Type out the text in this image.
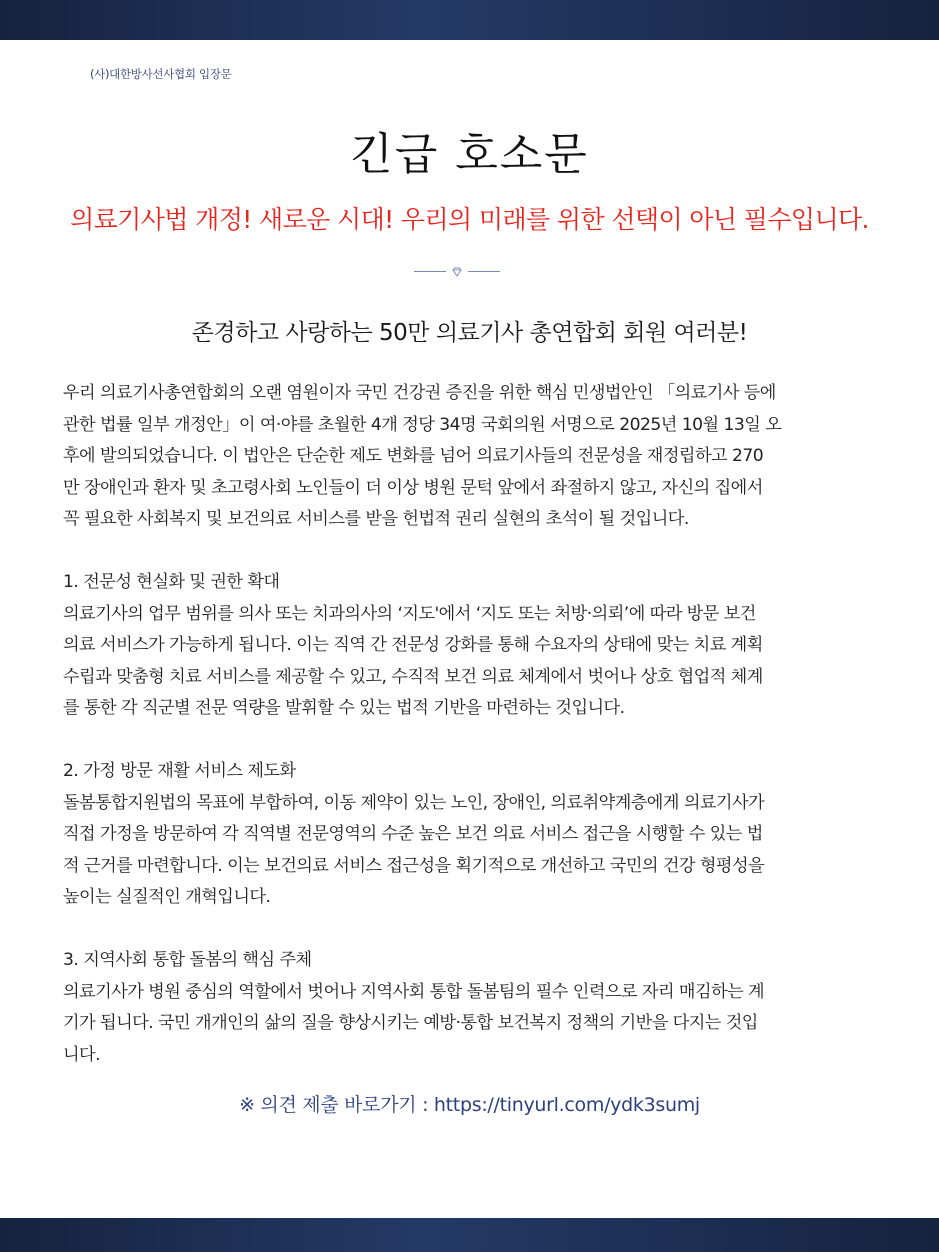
(사)대한방사선사협회 입장문
긴급 호소문
의료기사법 개정! 새로운 시대! 우리의 미래를 위한 선택이 아닌 필수입니다.
존경하고 사랑하는 50만 의료기사 총연합회 회원 여러분!

우리 의료기사총연합회의 오랜 염원이자 국민 건강권 증진을 위한 핵심 민생법안인 「의료기사 등에

관한 법률 일부 개정안」이 여·야를 초월한 4개 정당 34명 국회의원 서명으로 2025년 10월 13일 오

후에 발의되었습니다. 이 법안은 단순한 제도 변화를 넘어 의료기사들의 전문성을 재정립하고 270

만 장애인과 환자 및 초고령사회 노인들이 더 이상 병원 문턱 앞에서 좌절하지 않고, 자신의 집에서

꼭 필요한 사회복지 및 보건의료 서비스를 받을 헌법적 권리 실현의 초석이 될 것입니다.

1. 전문성 현실화 및 권한 확대

의료기사의 업무 범위를 의사 또는 치과의사의 ‘지도'에서 ‘지도 또는 처방·의뢰’에 따라 방문 보건

의료 서비스가 가능하게 됩니다. 이는 직역 간 전문성 강화를 통해 수요자의 상태에 맞는 치료 계획

수립과 맞춤형 치료 서비스를 제공할 수 있고, 수직적 보건 의료 체계에서 벗어나 상호 협업적 체계

를 통한 각 직군별 전문 역량을 발휘할 수 있는 법적 기반을 마련하는 것입니다.

2. 가정 방문 재활 서비스 제도화

돌봄통합지원법의 목표에 부합하여, 이동 제약이 있는 노인, 장애인, 의료취약계층에게 의료기사가

직접 가정을 방문하여 각 직역별 전문영역의 수준 높은 보건 의료 서비스 접근을 시행할 수 있는 법

적 근거를 마련합니다. 이는 보건의료 서비스 접근성을 획기적으로 개선하고 국민의 건강 형평성을

높이는 실질적인 개혁입니다.

3. 지역사회 통합 돌봄의 핵심 주체

의료기사가 병원 중심의 역할에서 벗어나 지역사회 통합 돌봄팀의 필수 인력으로 자리 매김하는 계

기가 됩니다. 국민 개개인의 삶의 질을 향상시키는 예방·통합 보건복지 정책의 기반을 다지는 것입

니다.

※ 의견 제출 바로가기 : https://tinyurl.com/ydk3sumj
